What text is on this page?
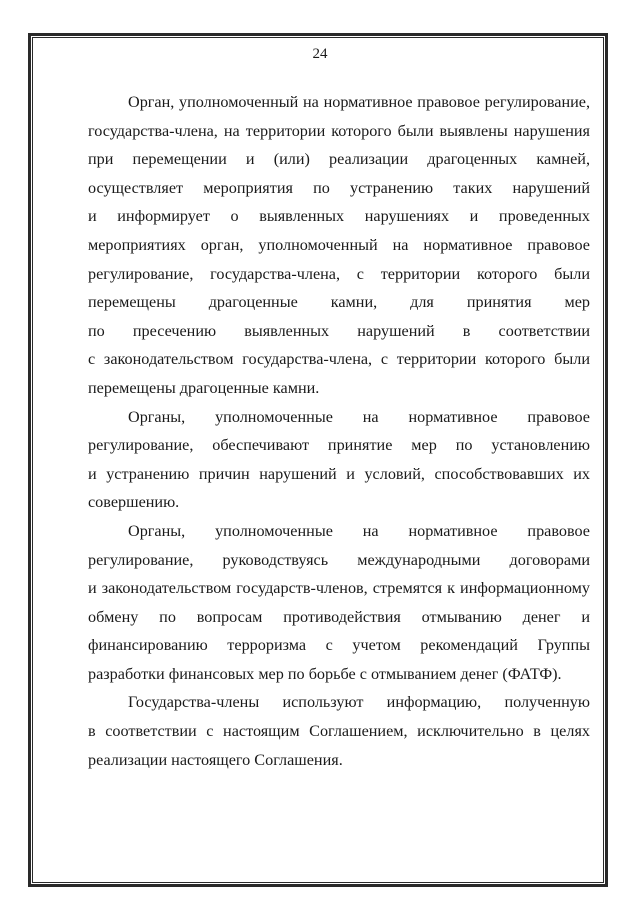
24
Орган, уполномоченный на нормативное правовое регулирование,
государства-члена, на территории которого были выявлены нарушения
при перемещении и (или) реализации драгоценных камней,
осуществляет мероприятия по устранению таких нарушений
и информирует о выявленных нарушениях и проведенных
мероприятиях орган, уполномоченный на нормативное правовое
регулирование, государства-члена, с территории которого были
перемещены драгоценные камни, для принятия мер
по пресечению выявленных нарушений в соответствии
с законодательством государства-члена, с территории которого были
перемещены драгоценные камни.
Органы, уполномоченные на нормативное правовое
регулирование, обеспечивают принятие мер по установлению
и устранению причин нарушений и условий, способствовавших их
совершению.
Органы, уполномоченные на нормативное правовое
регулирование, руководствуясь международными договорами
и законодательством государств-членов, стремятся к информационному
обмену по вопросам противодействия отмыванию денег и
финансированию терроризма с учетом рекомендаций Группы
разработки финансовых мер по борьбе с отмыванием денег (ФАТФ).
Государства-члены используют информацию, полученную
в соответствии с настоящим Соглашением, исключительно в целях
реализации настоящего Соглашения.
